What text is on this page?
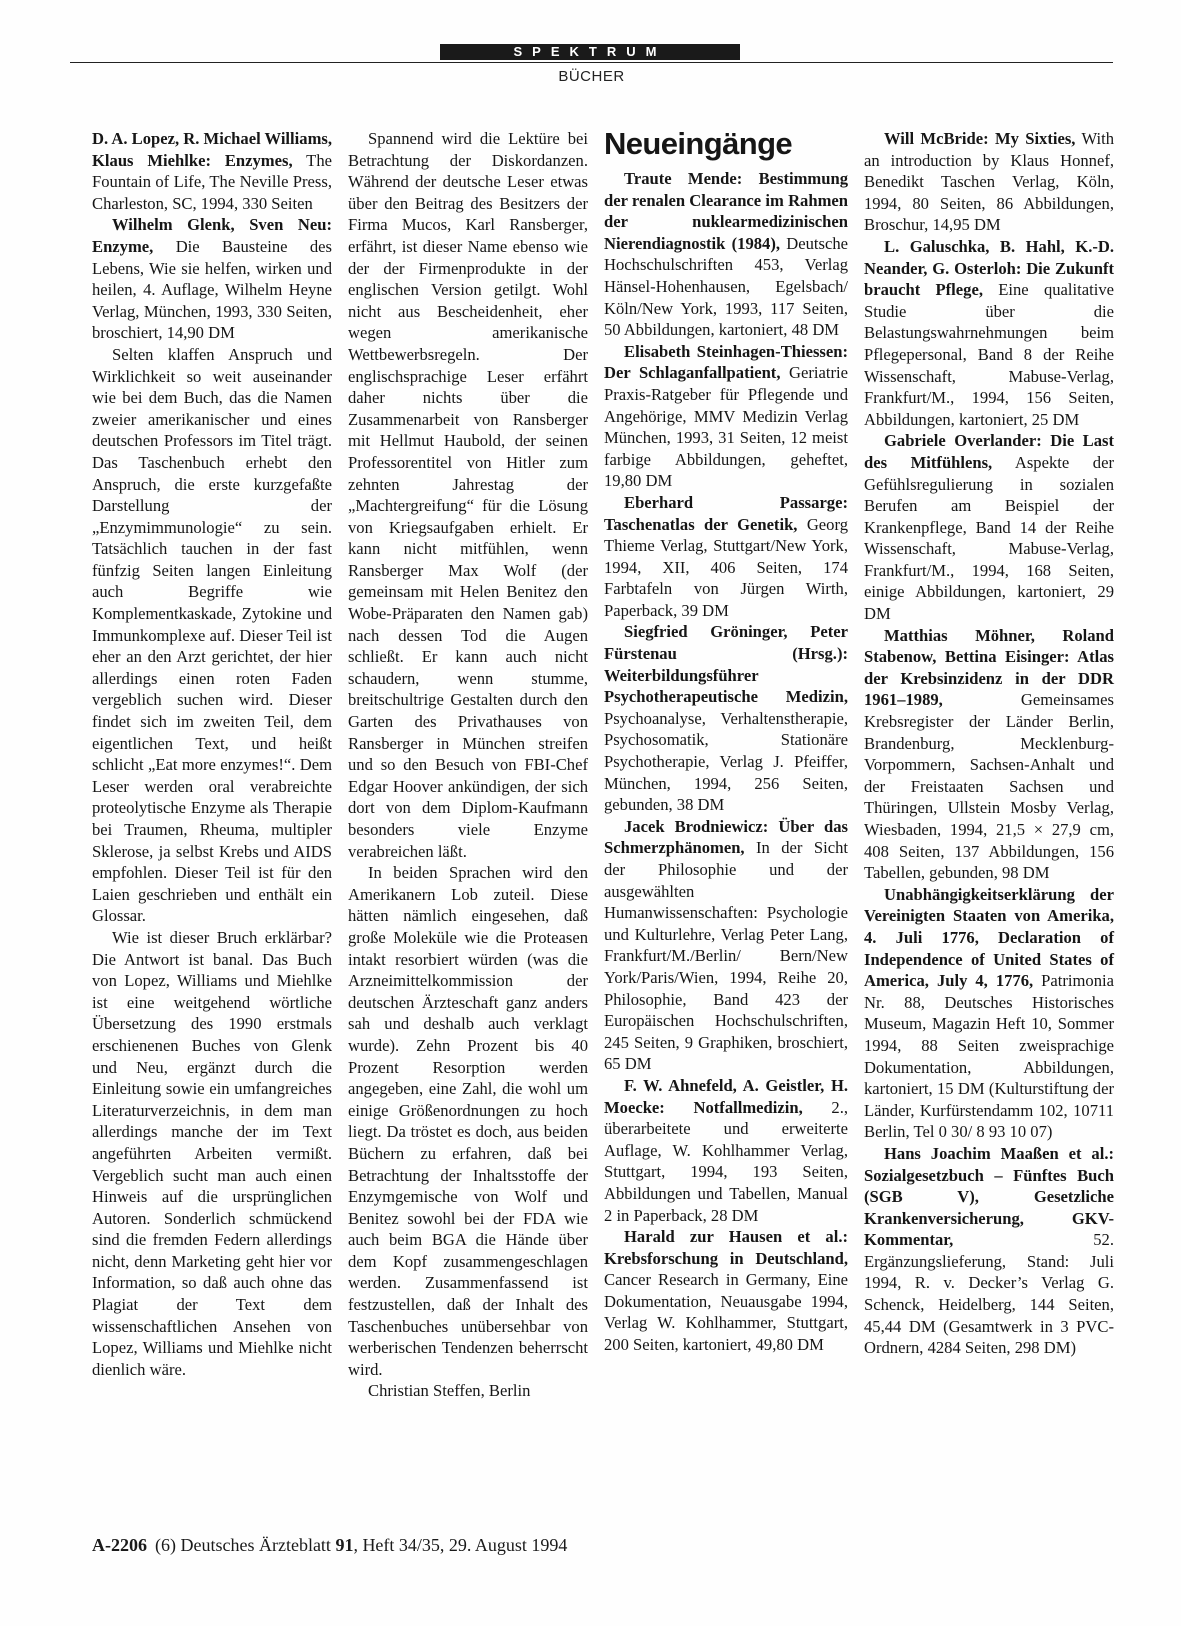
SPEKTRUM
BÜCHER

D. A. Lopez, R. Michael Williams, Klaus Miehlke: Enzymes, The Fountain of Life, The Neville Press, Charleston, SC, 1994, 330 Seiten

Wilhelm Glenk, Sven Neu: Enzyme, Die Bausteine des Lebens, Wie sie helfen, wirken und heilen, 4. Auflage, Wilhelm Heyne Verlag, München, 1993, 330 Seiten, broschiert, 14,90 DM

Selten klaffen Anspruch und Wirklichkeit so weit auseinander wie bei dem Buch, das die Namen zweier amerikanischer und eines deutschen Professors im Titel trägt. Das Taschenbuch erhebt den Anspruch, die erste kurzgefaßte Darstellung der „Enzymimmunologie“ zu sein. Tatsächlich tauchen in der fast fünfzig Seiten langen Einleitung auch Begriffe wie Komplementkaskade, Zytokine und Immunkomplexe auf. Dieser Teil ist eher an den Arzt gerichtet, der hier allerdings einen roten Faden vergeblich suchen wird. Dieser findet sich im zweiten Teil, dem eigentlichen Text, und heißt schlicht „Eat more enzymes!“. Dem Leser werden oral verabreichte proteolytische Enzyme als Therapie bei Traumen, Rheuma, multipler Sklerose, ja selbst Krebs und AIDS empfohlen. Dieser Teil ist für den Laien geschrieben und enthält ein Glossar.

Wie ist dieser Bruch erklärbar? Die Antwort ist banal. Das Buch von Lopez, Williams und Miehlke ist eine weitgehend wörtliche Übersetzung des 1990 erstmals erschienenen Buches von Glenk und Neu, ergänzt durch die Einleitung sowie ein umfangreiches Literaturverzeichnis, in dem man allerdings manche der im Text angeführten Arbeiten vermißt. Vergeblich sucht man auch einen Hinweis auf die ursprünglichen Autoren. Sonderlich schmückend sind die fremden Federn allerdings nicht, denn Marketing geht hier vor Information, so daß auch ohne das Plagiat der Text dem wissenschaftlichen Ansehen von Lopez, Williams und Miehlke nicht dienlich wäre.

Spannend wird die Lektüre bei Betrachtung der Diskordanzen. Während der deutsche Leser etwas über den Beitrag des Besitzers der Firma Mucos, Karl Ransberger, erfährt, ist dieser Name ebenso wie der der Firmenprodukte in der englischen Version getilgt. Wohl nicht aus Bescheidenheit, eher wegen amerikanische Wettbewerbsregeln. Der englischsprachige Leser erfährt daher nichts über die Zusammenarbeit von Ransberger mit Hellmut Haubold, der seinen Professorentitel von Hitler zum zehnten Jahrestag der „Machtergreifung“ für die Lösung von Kriegsaufgaben erhielt. Er kann nicht mitfühlen, wenn Ransberger Max Wolf (der gemeinsam mit Helen Benitez den Wobe-Präparaten den Namen gab) nach dessen Tod die Augen schließt. Er kann auch nicht schaudern, wenn stumme, breitschultrige Gestalten durch den Garten des Privathauses von Ransberger in München streifen und so den Besuch von FBI-Chef Edgar Hoover ankündigen, der sich dort von dem Diplom-Kaufmann besonders viele Enzyme verabreichen läßt.

In beiden Sprachen wird den Amerikanern Lob zuteil. Diese hätten nämlich eingesehen, daß große Moleküle wie die Proteasen intakt resorbiert würden (was die Arzneimittelkommission der deutschen Ärzteschaft ganz anders sah und deshalb auch verklagt wurde). Zehn Prozent bis 40 Prozent Resorption werden angegeben, eine Zahl, die wohl um einige Größenordnungen zu hoch liegt. Da tröstet es doch, aus beiden Büchern zu erfahren, daß bei Betrachtung der Inhaltsstoffe der Enzymgemische von Wolf und Benitez sowohl bei der FDA wie auch beim BGA die Hände über dem Kopf zusammengeschlagen werden. Zusammenfassend ist festzustellen, daß der Inhalt des Taschenbuches unübersehbar von werberischen Tendenzen beherrscht wird.

Christian Steffen, Berlin

Neueingänge

Traute Mende: Bestimmung der renalen Clearance im Rahmen der nuklearmedizinischen Nierendiagnostik (1984), Deutsche Hochschulschriften 453, Verlag Hänsel-Hohenhausen, Egelsbach/ Köln/New York, 1993, 117 Seiten, 50 Abbildungen, kartoniert, 48 DM

Elisabeth Steinhagen-Thiessen: Der Schlaganfallpatient, Geriatrie Praxis-Ratgeber für Pflegende und Angehörige, MMV Medizin Verlag München, 1993, 31 Seiten, 12 meist farbige Abbildungen, geheftet, 19,80 DM

Eberhard Passarge: Taschenatlas der Genetik, Georg Thieme Verlag, Stuttgart/New York, 1994, XII, 406 Seiten, 174 Farbtafeln von Jürgen Wirth, Paperback, 39 DM

Siegfried Gröninger, Peter Fürstenau (Hrsg.): Weiterbildungsführer Psychotherapeutische Medizin, Psychoanalyse, Verhaltenstherapie, Psychosomatik, Stationäre Psychotherapie, Verlag J. Pfeiffer, München, 1994, 256 Seiten, gebunden, 38 DM

Jacek Brodniewicz: Über das Schmerzphänomen, In der Sicht der Philosophie und der ausgewählten Humanwissenschaften: Psychologie und Kulturlehre, Verlag Peter Lang, Frankfurt/M./Berlin/ Bern/New York/Paris/Wien, 1994, Reihe 20, Philosophie, Band 423 der Europäischen Hochschulschriften, 245 Seiten, 9 Graphiken, broschiert, 65 DM

F. W. Ahnefeld, A. Geistler, H. Moecke: Notfallmedizin, 2., überarbeitete und erweiterte Auflage, W. Kohlhammer Verlag, Stuttgart, 1994, 193 Seiten, Abbildungen und Tabellen, Manual 2 in Paperback, 28 DM

Harald zur Hausen et al.: Krebsforschung in Deutschland, Cancer Research in Germany, Eine Dokumentation, Neuausgabe 1994, Verlag W. Kohlhammer, Stuttgart, 200 Seiten, kartoniert, 49,80 DM

Will McBride: My Sixties, With an introduction by Klaus Honnef, Benedikt Taschen Verlag, Köln, 1994, 80 Seiten, 86 Abbildungen, Broschur, 14,95 DM

L. Galuschka, B. Hahl, K.-D. Neander, G. Osterloh: Die Zukunft braucht Pflege, Eine qualitative Studie über die Belastungswahrnehmungen beim Pflegepersonal, Band 8 der Reihe Wissenschaft, Mabuse-Verlag, Frankfurt/M., 1994, 156 Seiten, Abbildungen, kartoniert, 25 DM

Gabriele Overlander: Die Last des Mitfühlens, Aspekte der Gefühlsregulierung in sozialen Berufen am Beispiel der Krankenpflege, Band 14 der Reihe Wissenschaft, Mabuse-Verlag, Frankfurt/M., 1994, 168 Seiten, einige Abbildungen, kartoniert, 29 DM

Matthias Möhner, Roland Stabenow, Bettina Eisinger: Atlas der Krebsinzidenz in der DDR 1961–1989, Gemeinsames Krebsregister der Länder Berlin, Brandenburg, Mecklenburg-Vorpommern, Sachsen-Anhalt und der Freistaaten Sachsen und Thüringen, Ullstein Mosby Verlag, Wiesbaden, 1994, 21,5 × 27,9 cm, 408 Seiten, 137 Abbildungen, 156 Tabellen, gebunden, 98 DM

Unabhängigkeitserklärung der Vereinigten Staaten von Amerika, 4. Juli 1776, Declaration of Independence of United States of America, July 4, 1776, Patrimonia Nr. 88, Deutsches Historisches Museum, Magazin Heft 10, Sommer 1994, 88 Seiten zweisprachige Dokumentation, Abbildungen, kartoniert, 15 DM (Kulturstiftung der Länder, Kurfürstendamm 102, 10711 Berlin, Tel 0 30/ 8 93 10 07)

Hans Joachim Maaßen et al.: Sozialgesetzbuch – Fünftes Buch (SGB V), Gesetzliche Krankenversicherung, GKV-Kommentar, 52. Ergänzungslieferung, Stand: Juli 1994, R. v. Decker’s Verlag G. Schenck, Heidelberg, 144 Seiten, 45,44 DM (Gesamtwerk in 3 PVC-Ordnern, 4284 Seiten, 298 DM)

A-2206 (6) Deutsches Ärzteblatt 91, Heft 34/35, 29. August 1994
